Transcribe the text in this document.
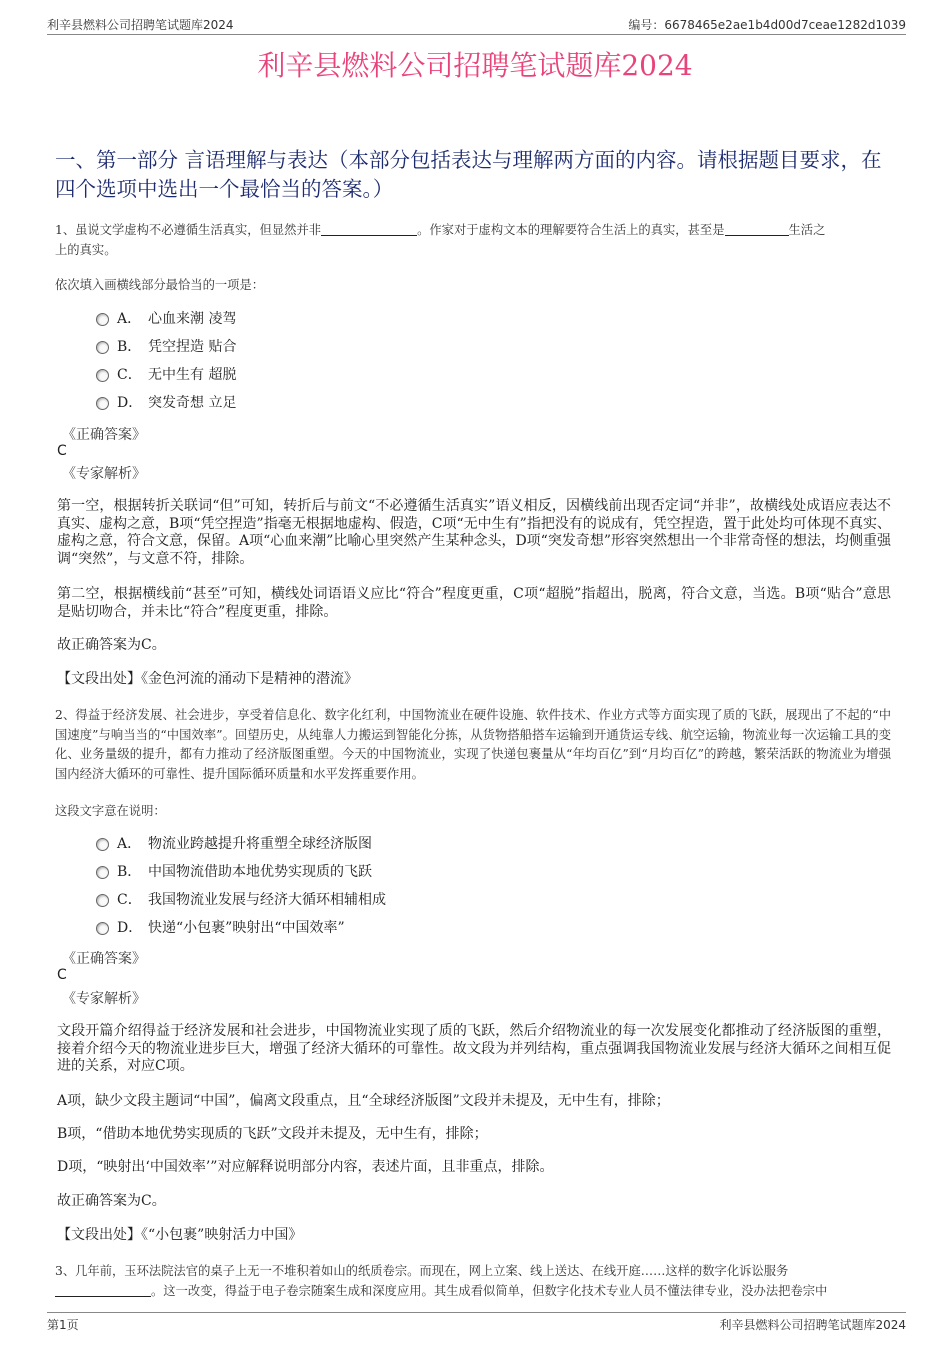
利辛县燃料公司招聘笔试题库2024	编号：6678465e2ae1b4d00d7ceae1282d1039
利辛县燃料公司招聘笔试题库2024
一、第一部分 言语理解与表达（本部分包括表达与理解两方面的内容。请根据题目要求，在四个选项中选出一个最恰当的答案。）
1、虽说文学虚构不必遵循生活真实，但显然并非	。作家对于虚构文本的理解要符合生活上的真实，甚至是	生活之
上的真实。
依次填入画横线部分最恰当的一项是：
A． 心血来潮 凌驾
B． 凭空捏造 贴合
C． 无中生有 超脱
D． 突发奇想 立足
《正确答案》
C
《专家解析》
第一空，根据转折关联词“但”可知，转折后与前文“不必遵循生活真实”语义相反，因横线前出现否定词“并非”，故横线处成语应表达不真实、虚构之意，B项“凭空捏造”指毫无根据地虚构、假造，C项“无中生有”指把没有的说成有，凭空捏造，置于此处均可体现不真实、虚构之意，符合文意，保留。A项“心血来潮”比喻心里突然产生某种念头，D项“突发奇想”形容突然想出一个非常奇怪的想法，均侧重强调“突然”，与文意不符，排除。
第二空，根据横线前“甚至”可知，横线处词语语义应比“符合”程度更重，C项“超脱”指超出，脱离，符合文意，当选。B项“贴合”意思是贴切吻合，并未比“符合”程度更重，排除。
故正确答案为C。
【文段出处】《金色河流的涌动下是精神的潜流》
2、得益于经济发展、社会进步，享受着信息化、数字化红利，中国物流业在硬件设施、软件技术、作业方式等方面实现了质的飞跃，展现出了不起的“中国速度”与响当当的“中国效率”。回望历史，从纯靠人力搬运到智能化分拣，从货物搭船搭车运输到开通货运专线、航空运输，物流业每一次运输工具的变化、业务量级的提升，都有力推动了经济版图重塑。今天的中国物流业，实现了快递包裹量从“年均百亿”到“月均百亿”的跨越，繁荣活跃的物流业为增强国内经济大循环的可靠性、提升国际循环质量和水平发挥重要作用。
这段文字意在说明：
A． 物流业跨越提升将重塑全球经济版图
B． 中国物流借助本地优势实现质的飞跃
C． 我国物流业发展与经济大循环相辅相成
D． 快递“小包裹”映射出“中国效率”
《正确答案》
C
《专家解析》
文段开篇介绍得益于经济发展和社会进步，中国物流业实现了质的飞跃，然后介绍物流业的每一次发展变化都推动了经济版图的重塑，接着介绍今天的物流业进步巨大，增强了经济大循环的可靠性。故文段为并列结构，重点强调我国物流业发展与经济大循环之间相互促进的关系，对应C项。
A项，缺少文段主题词“中国”，偏离文段重点，且“全球经济版图”文段并未提及，无中生有，排除；
B项，“借助本地优势实现质的飞跃”文段并未提及，无中生有，排除；
D项，“映射出‘中国效率’”对应解释说明部分内容，表述片面，且非重点，排除。
故正确答案为C。
【文段出处】《“小包裹”映射活力中国》
3、几年前，玉环法院法官的桌子上无一不堆积着如山的纸质卷宗。而现在，网上立案、线上送达、在线开庭……这样的数字化诉讼服务
。这一改变，得益于电子卷宗随案生成和深度应用。其生成看似简单，但数字化技术专业人员不懂法律专业，没办法把卷宗中
第1页	利辛县燃料公司招聘笔试题库2024
